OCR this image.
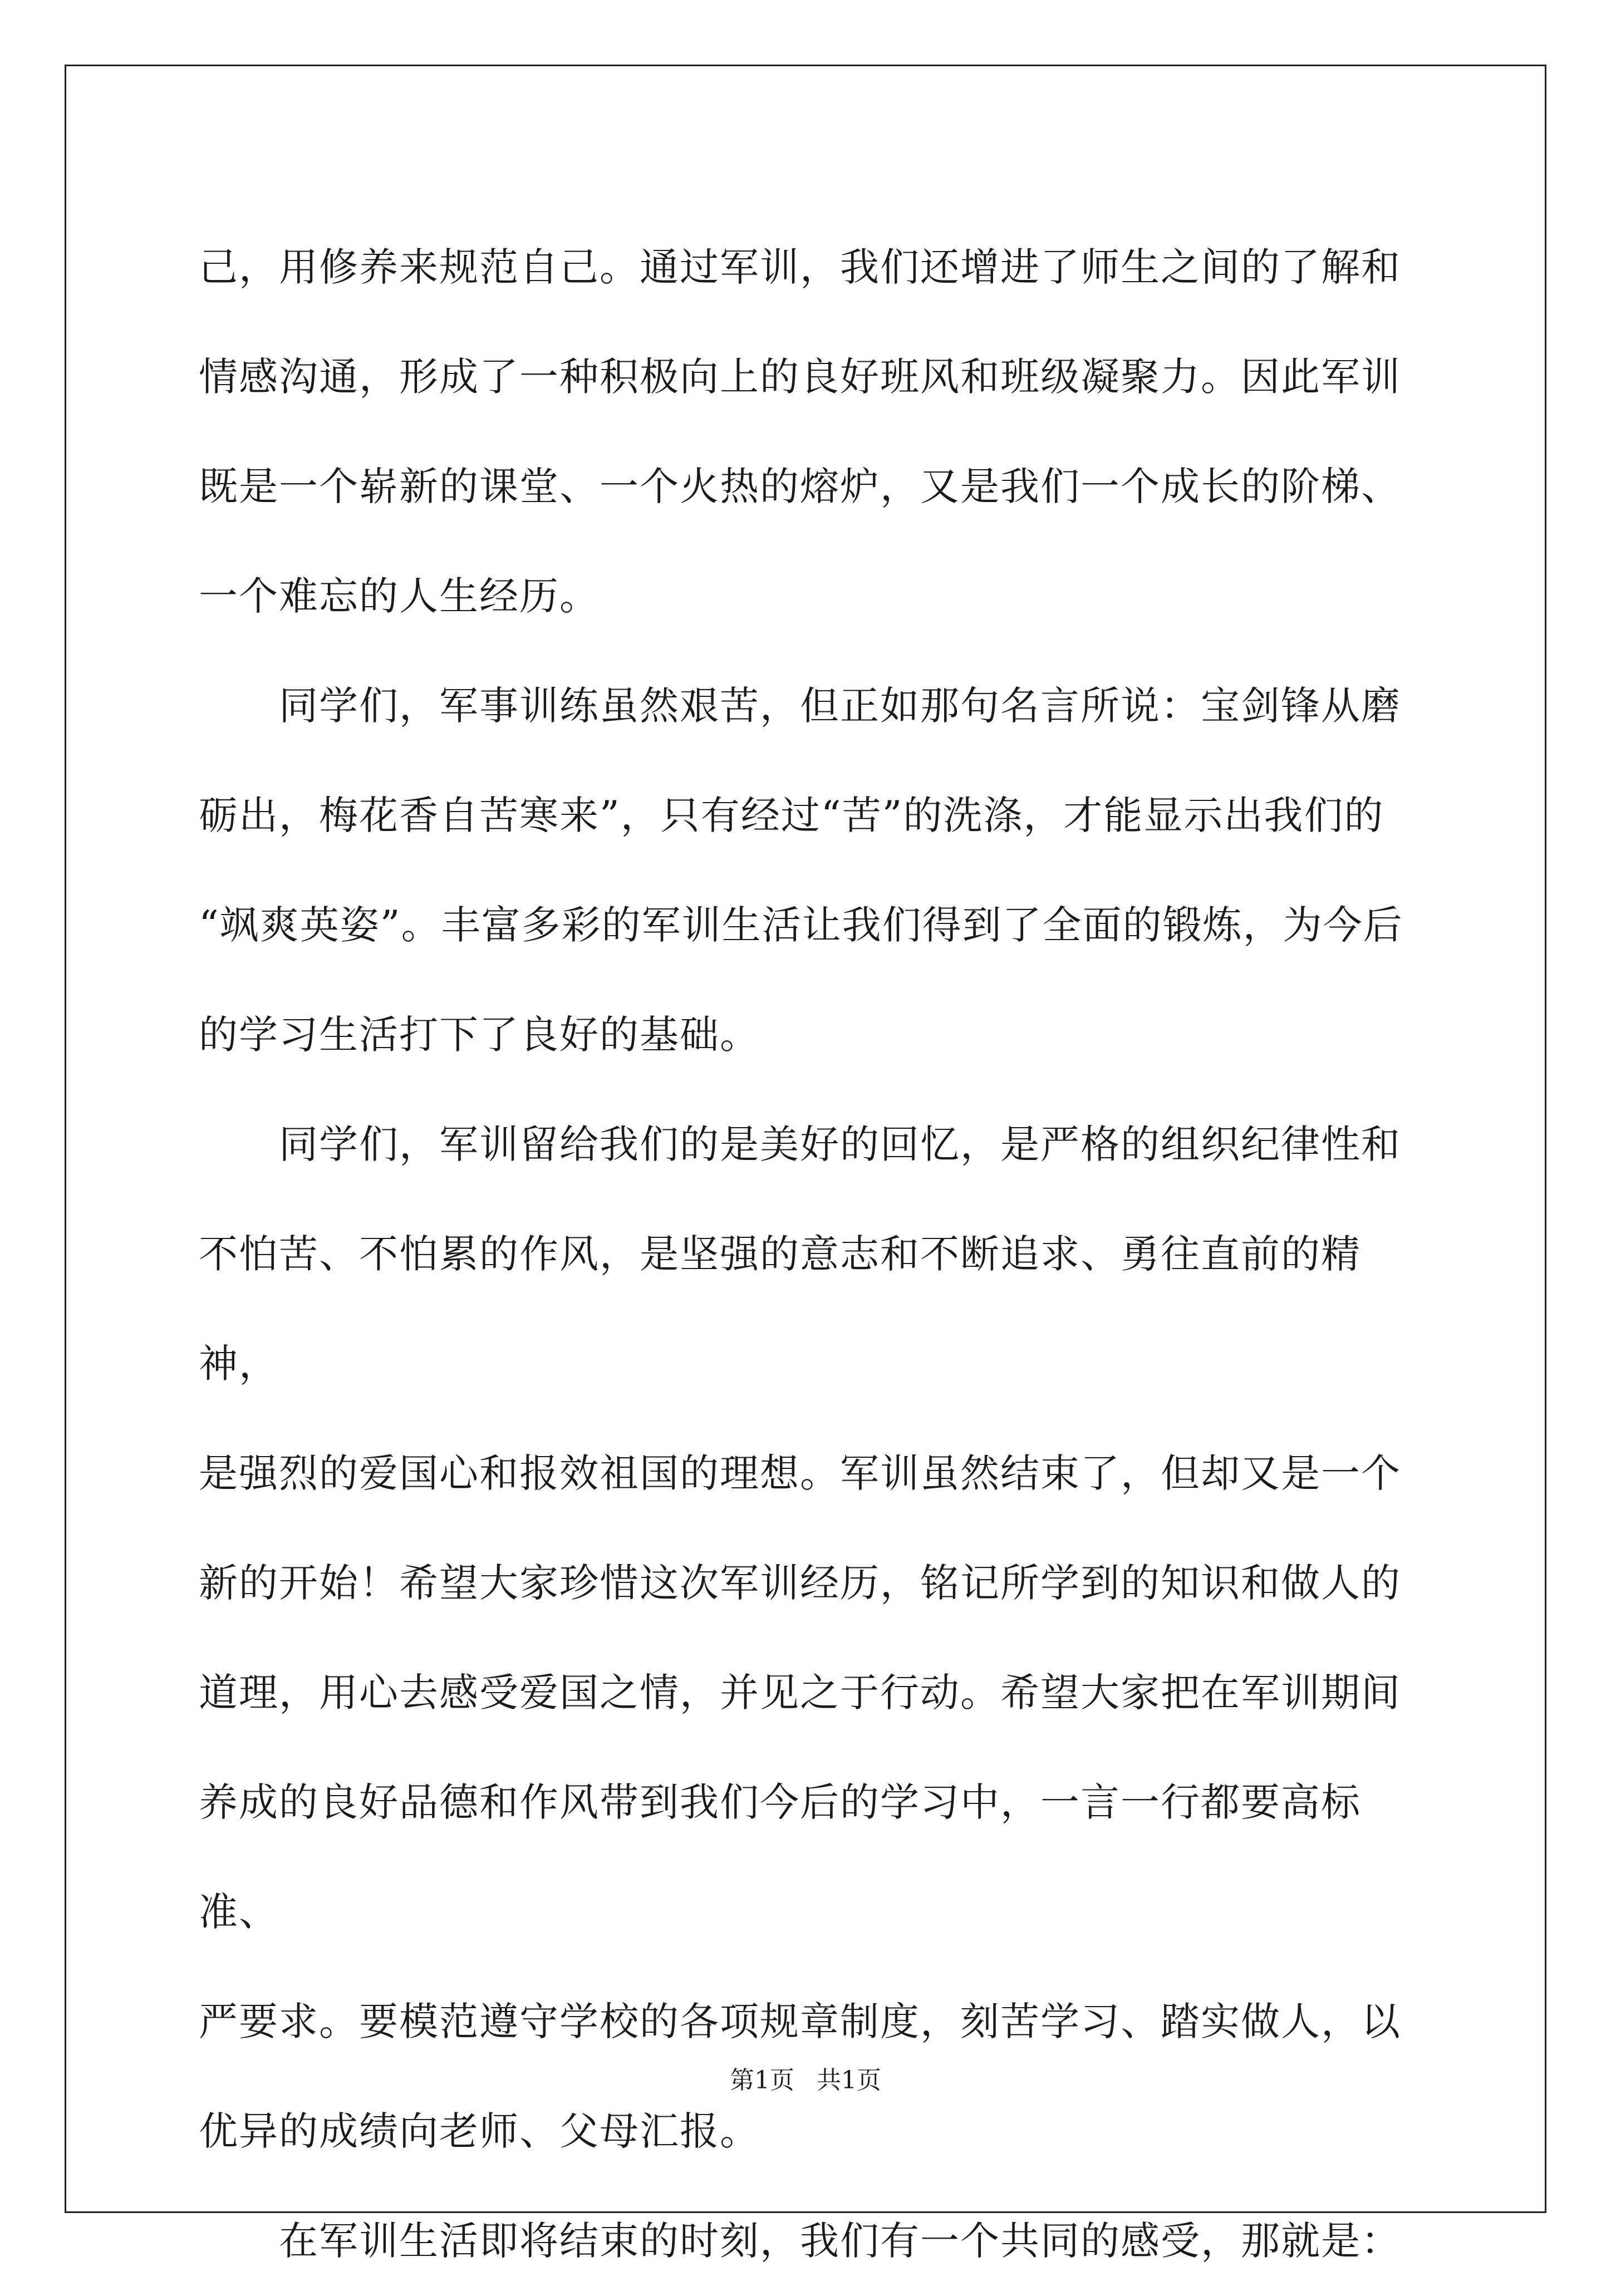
己，用修养来规范自己。通过军训，我们还增进了师生之间的了解和
情感沟通，形成了一种积极向上的良好班风和班级凝聚力。因此军训
既是一个崭新的课堂、一个火热的熔炉，又是我们一个成长的阶梯、
一个难忘的人生经历。

　　同学们，军事训练虽然艰苦，但正如那句名言所说：宝剑锋从磨
砺出，梅花香自苦寒来”，只有经过“苦”的洗涤，才能显示出我们的
“飒爽英姿”。丰富多彩的军训生活让我们得到了全面的锻炼，为今后
的学习生活打下了良好的基础。

　　同学们，军训留给我们的是美好的回忆，是严格的组织纪律性和
不怕苦、不怕累的作风，是坚强的意志和不断追求、勇往直前的精神，
是强烈的爱国心和报效祖国的理想。军训虽然结束了，但却又是一个
新的开始！希望大家珍惜这次军训经历，铭记所学到的知识和做人的
道理，用心去感受爱国之情，并见之于行动。希望大家把在军训期间
养成的良好品德和作风带到我们今后的学习中，一言一行都要高标准、
严要求。要模范遵守学校的各项规章制度，刻苦学习、踏实做人，以
优异的成绩向老师、父母汇报。

　　在军训生活即将结束的时刻，我们有一个共同的感受，那就是：

第1页 共1页
